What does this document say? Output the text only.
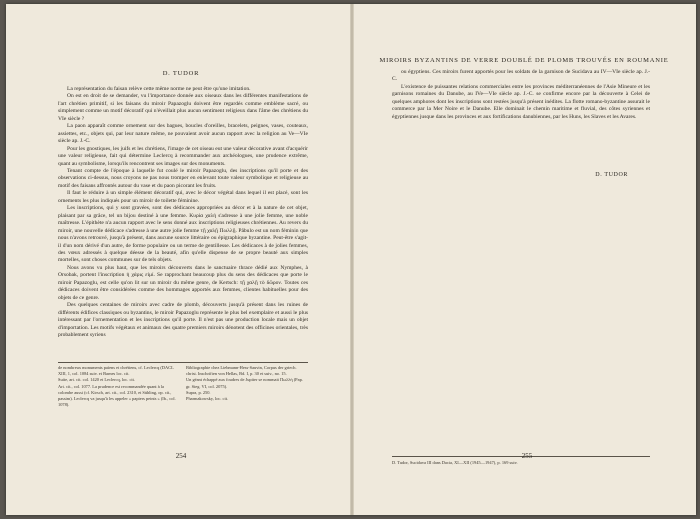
D. TUDOR

La représentation du faisan relève cette même norme ne peut être qu'une imitation.

On est en droit de se demander, vu l'importance donnée aux oiseaux dans les différentes manifestations de l'art chrétien primitif, si les faisans du miroir Papazoglu doivent être regardés comme emblème sacré, ou simplement comme un motif décoratif qui n'éveillait plus aucun sentiment religieux dans l'âme des chrétiens du VIe siècle ?

La paon apparaît comme ornement sur des bagues, boucles d'oreilles, bracelets, peignes, vases, couteaux, assiettes, etc., objets qui, par leur nature même, ne pouvaient avoir aucun rapport avec la religion au Ve—VIe siècle ap. J.-C.

Pour les gnostiques, les juifs et les chrétiens, l'image de cet oiseau eut une valeur décorative avant d'acquérir une valeur religieuse, fait qui détermine Leclercq à recommander aux archéologues, une prudence extrême, quant au symbolisme, lorsqu'ils rencontrent ses images sur des monuments.

Tenant compte de l'époque à laquelle fut coulé le miroir Papazoglu, des inscriptions qu'il porte et des observations ci-dessus, nous croyons ne pas nous tromper en enlevant toute valeur symbolique et religieuse au motif des faisans affrontés autour du vase et du paon picorant les fruits.

Il faut le réduire à un simple élément décoratif qui, avec le décor végétal dans lequel il est placé, sont les ornements les plus indiqués pour un miroir de toilette féminine.

Les inscriptions, qui y sont gravées, sont des dédicaces appropriées au décor et à la nature de cet objet, plaisant par sa grâce, tel un bijou destiné à une femme. Κυρία χαλή s'adresse à une jolie femme, une noble maîtresse. L'épithète n'a aucun rapport avec le sens donné aux inscriptions religieuses chrétiennes. Au revers du miroir, une nouvelle dédicace s'adresse à une autre jolie femme τῇ χαλῇ Πωλλῇ. Pâbulo est un nom féminin que nous n'avons retrouvé, jusqu'à présent, dans aucune source littéraire ou épigraphique byzantine. Peut-être s'agit-il d'un nom dérivé d'un autre, de forme populaire ou un terme de gentillesse. Les dédicaces à de jolies femmes, des vœux adressés à quelque déesse de la beauté, afin qu'elle dispense de se propre beauté aux simples mortelles, sont choses communes sur de tels objets.

Nous avons vu plus haut, que les miroirs découverts dans le sanctuaire thrace dédié aux Nymphes, à Orsobak, portent l'inscription ἡ χάρις εἰμί. Se rapprochant beaucoup plus du sens des dédicaces que porte le miroir Papazoglu, est celle qu'on lit sur un miroir du même genre, de Kertsch: τῇ χαλῇ τὸ δῶρον. Toutes ces dédicaces doivent être considérées comme des hommages apportés aux femmes, clientes habituelles pour des objets de ce genre.

Des quelques centaines de miroirs avec cadre de plomb, découverts jusqu'à présent dans les ruines de différents édifices classiques ou byzantins, le miroir Papazoglu représente le plus bel exemplaire et aussi le plus intéressant par l'ornementation et les inscriptions qu'il porte. Il n'est pas une production locale mais un objet d'importation. Les motifs végétaux et animaux des quatre premiers miroirs dénotent des officines orientales, très probablement syriens

de nombreux monuments païens et chrétiens, cf. Leclercq (DACL XIII, 1, col. 1084 suiv. et Barnes loc. cit.

Suite, art. cit. col. 1420 et Leclercq, loc. cit.

Art. cit., col. 1077. La prudence est recommandée quant à la colombe aussi (cf. Kirsch, art. cit., col. 2310, et Sühling, op. cit., passim). Leclercq va jusqu'à les appeler « papiers peints » (Ib., col. 1078).

Bibliographie chez Liebmann-Hess-Sauvin, Corpus der griech. christ. Inschriften von Hellas, Bd. I, p. 30 et suiv., no. 15.

Un géant échappé aux foudres de Jupiter se nommait Πωλλὴ (Pap. gr. Sieg. VI, col. 2075).

Supra, p. 250.

Pharmakowsky, loc. cit.

254
MIROIRS BYZANTINS DE VERRE DOUBLÉ DE PLOMB TROUVÉS EN ROUMANIE

ou égyptiens. Ces miroirs furent apportés pour les soldats de la garnison de Sucidava au IV—VIe siècle ap. J.-C.

L'existence de puissantes relations commerciales entre les provinces méditerranéennes de l'Asie Mineure et les garnisons romaines du Danube, au IVe—VIe siècle ap. J.-C. se confirme encore par la découverte à Celei de quelques amphores dont les inscriptions sont restées jusqu'à présent inédites. La flotte romano-byzantine assurait le commerce par la Mer Noire et le Danube. Elle dominait le chemin maritime et fluvial, des côtes syriennes et égyptiennes jusque dans les provinces et aux fortifications danubiennes, par les Huns, les Slaves et les Avares.

D. TUDOR

D. Tudor, Sucidava III dans Dacia, XI—XII (1945—1947), p. 169 suiv.

255
